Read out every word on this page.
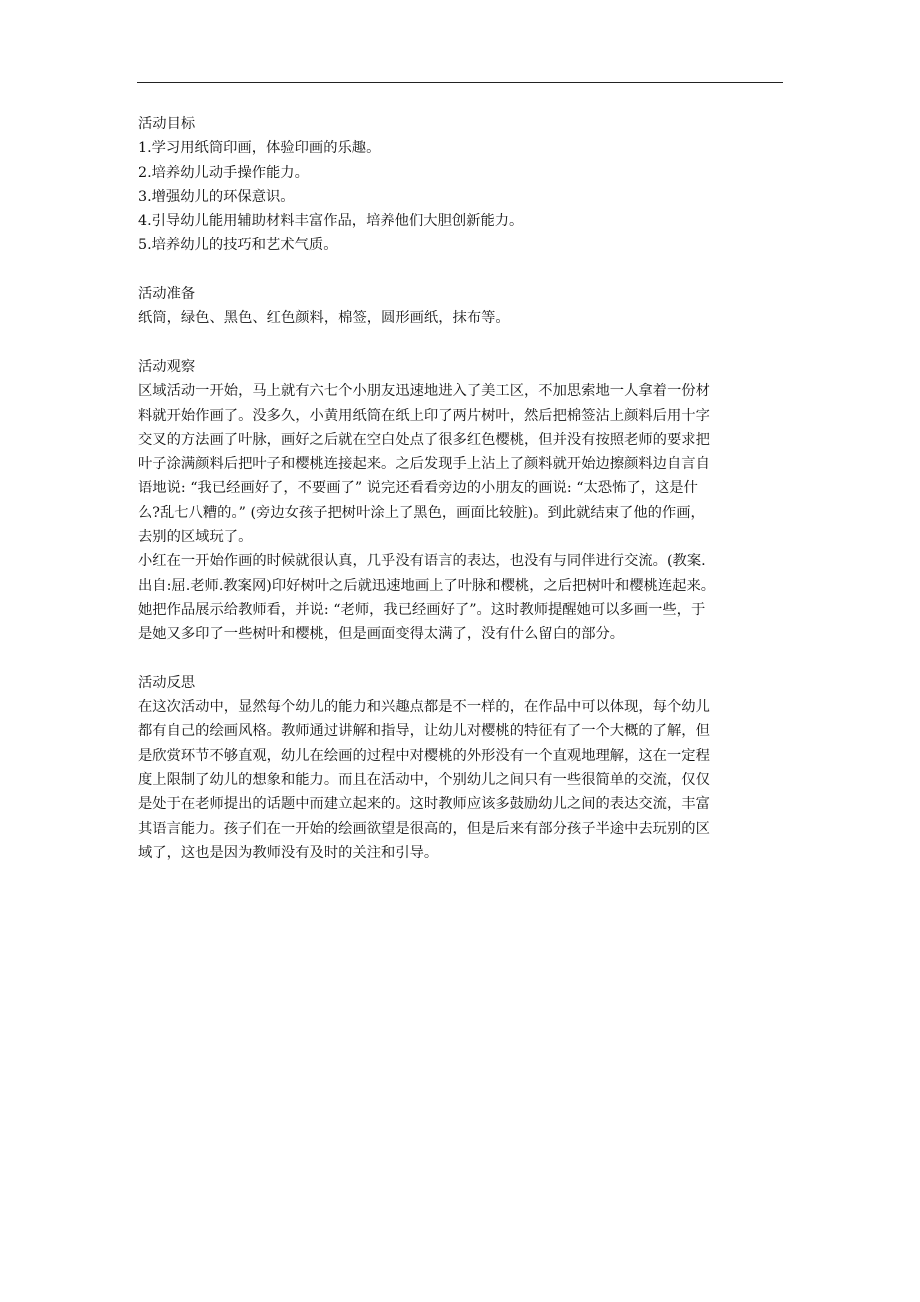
活动目标
1.学习用纸筒印画，体验印画的乐趣。
2.培养幼儿动手操作能力。
3.增强幼儿的环保意识。
4.引导幼儿能用辅助材料丰富作品，培养他们大胆创新能力。
5.培养幼儿的技巧和艺术气质。
活动准备
纸筒，绿色、黑色、红色颜料，棉签，圆形画纸，抹布等。
活动观察
区域活动一开始，马上就有六七个小朋友迅速地进入了美工区，不加思索地一人拿着一份材
料就开始作画了。没多久，小黄用纸筒在纸上印了两片树叶，然后把棉签沾上颜料后用十字
交叉的方法画了叶脉，画好之后就在空白处点了很多红色樱桃，但并没有按照老师的要求把
叶子涂满颜料后把叶子和樱桃连接起来。之后发现手上沾上了颜料就开始边擦颜料边自言自
语地说: “我已经画好了，不要画了” 说完还看看旁边的小朋友的画说: “太恐怖了，这是什
么?乱七八糟的。” (旁边女孩子把树叶涂上了黑色，画面比较脏)。到此就结束了他的作画，
去别的区域玩了。
小红在一开始作画的时候就很认真，几乎没有语言的表达，也没有与同伴进行交流。(教案.
出自:屈.老师.教案网)印好树叶之后就迅速地画上了叶脉和樱桃，之后把树叶和樱桃连起来。
她把作品展示给教师看，并说: “老师，我已经画好了”。这时教师提醒她可以多画一些，于
是她又多印了一些树叶和樱桃，但是画面变得太满了，没有什么留白的部分。
活动反思
在这次活动中，显然每个幼儿的能力和兴趣点都是不一样的，在作品中可以体现，每个幼儿
都有自己的绘画风格。教师通过讲解和指导，让幼儿对樱桃的特征有了一个大概的了解，但
是欣赏环节不够直观，幼儿在绘画的过程中对樱桃的外形没有一个直观地理解，这在一定程
度上限制了幼儿的想象和能力。而且在活动中，个别幼儿之间只有一些很简单的交流，仅仅
是处于在老师提出的话题中而建立起来的。这时教师应该多鼓励幼儿之间的表达交流，丰富
其语言能力。孩子们在一开始的绘画欲望是很高的，但是后来有部分孩子半途中去玩别的区
域了，这也是因为教师没有及时的关注和引导。
